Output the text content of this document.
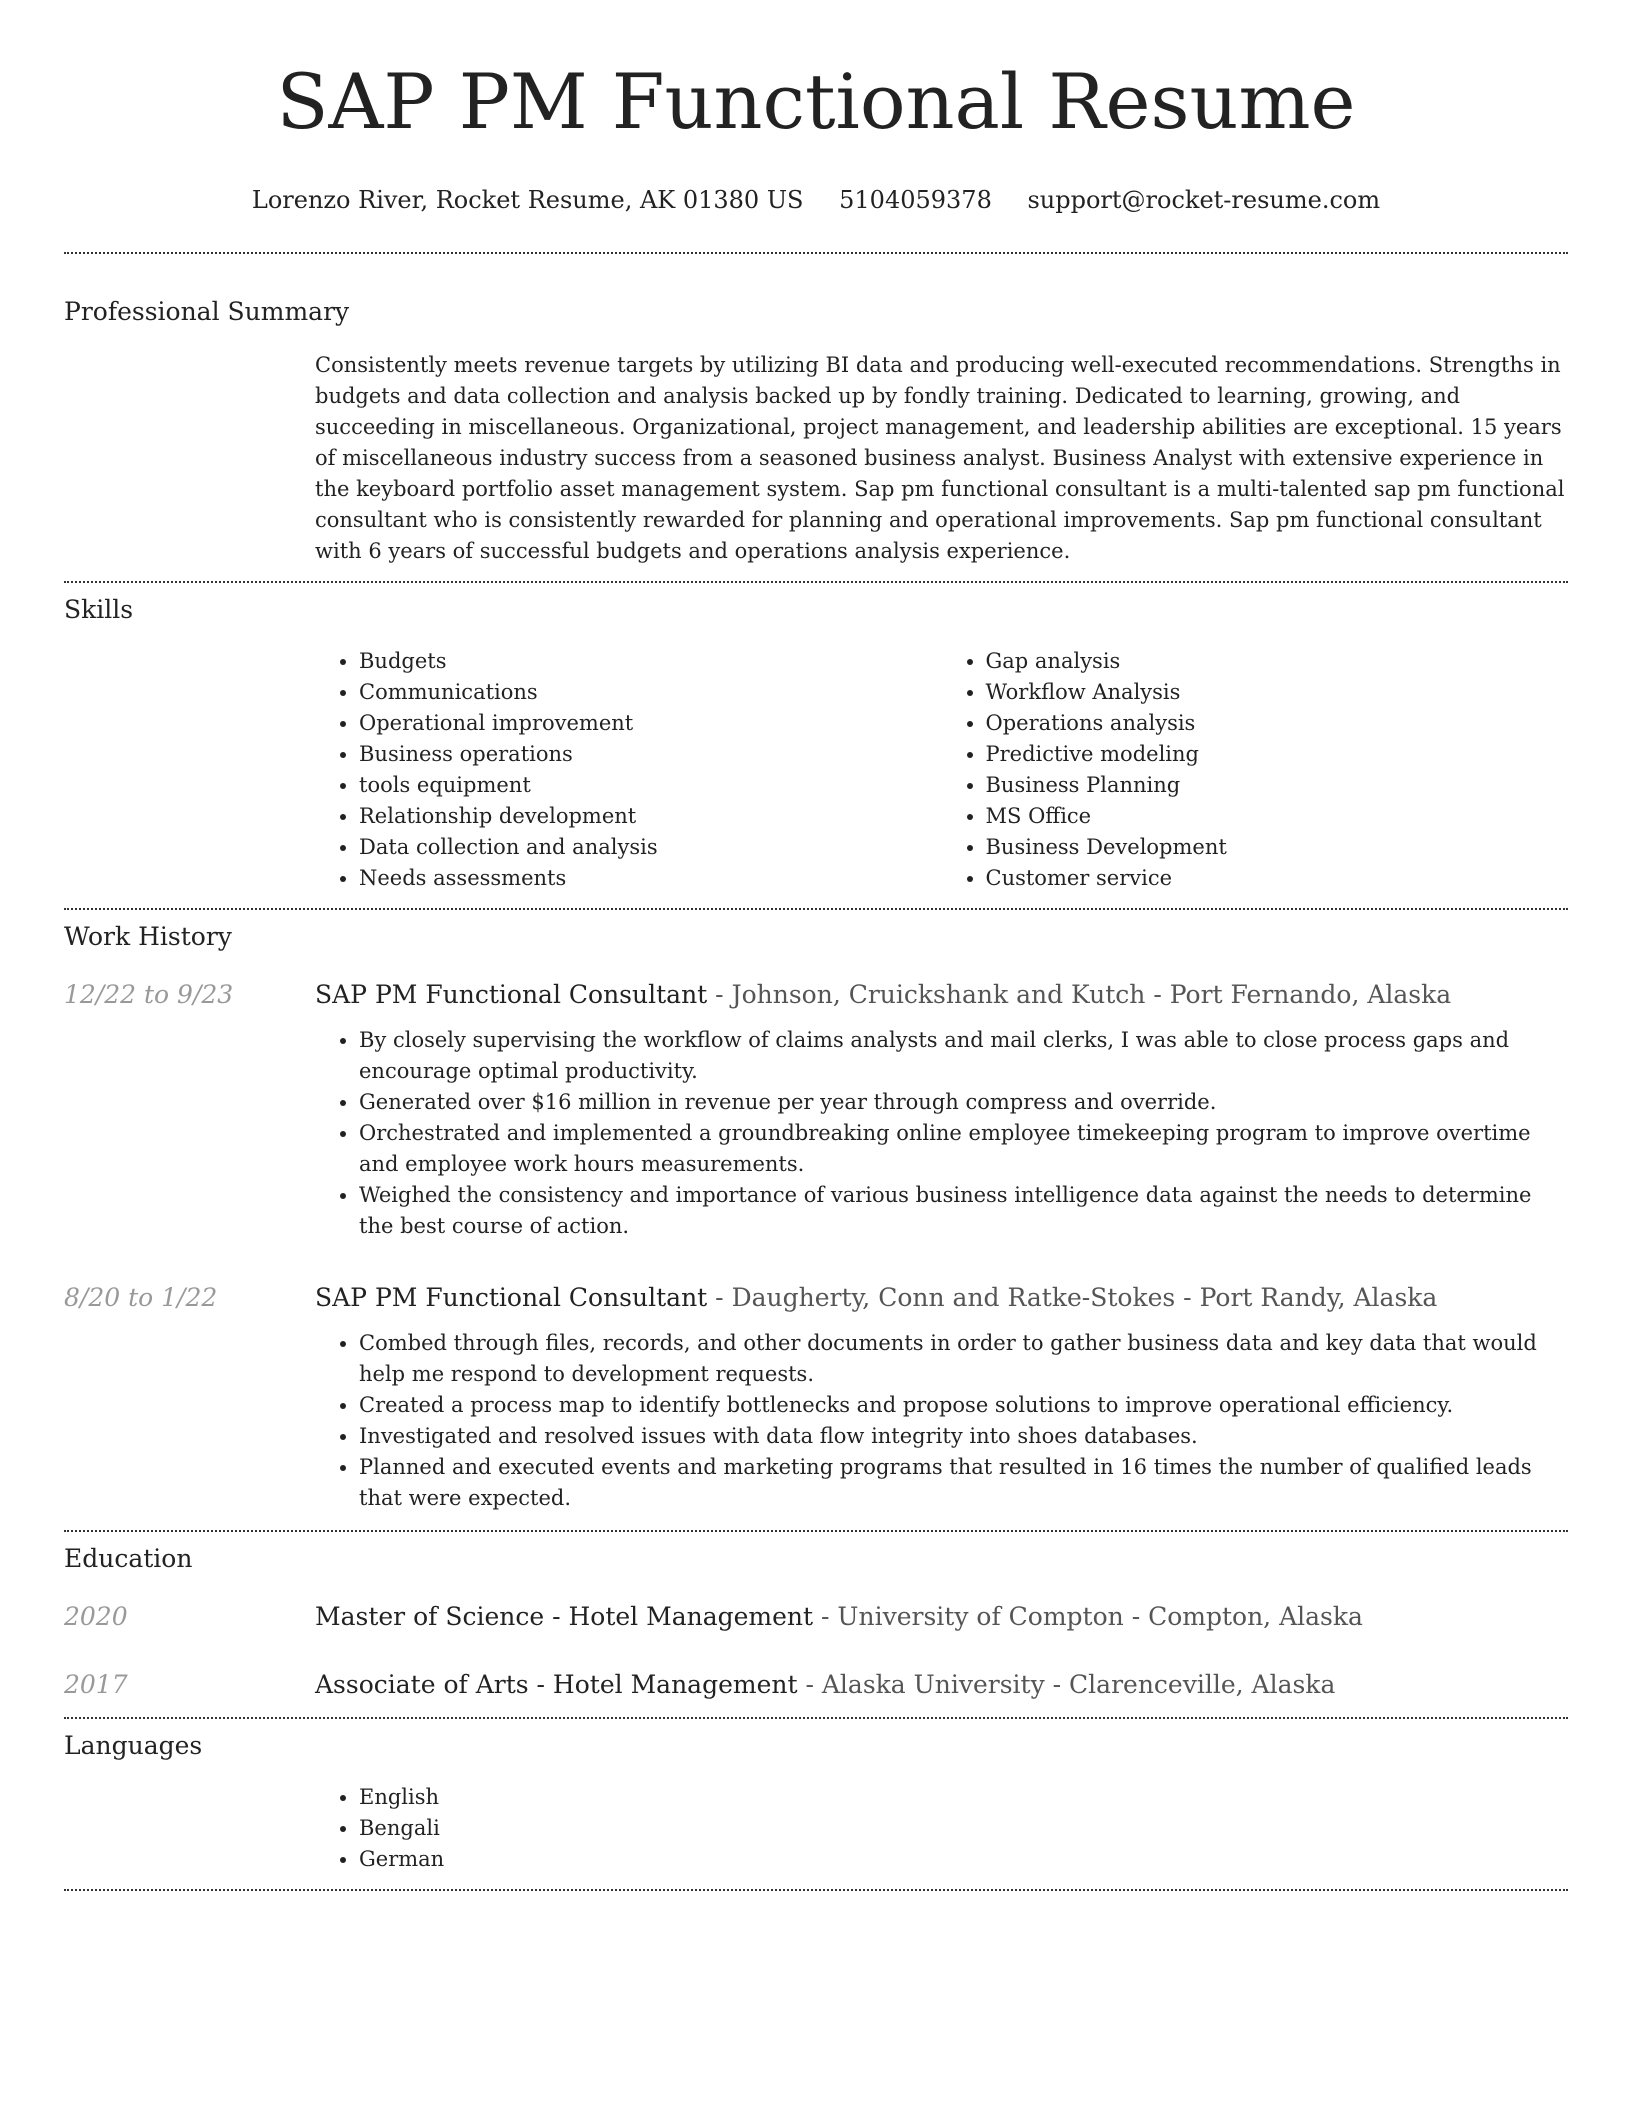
SAP PM Functional Resume
Lorenzo River, Rocket Resume, AK 01380 US 5104059378 support@rocket-resume.com
Professional Summary
Consistently meets revenue targets by utilizing BI data and producing well-executed recommendations. Strengths in budgets and data collection and analysis backed up by fondly training. Dedicated to learning, growing, and succeeding in miscellaneous. Organizational, project management, and leadership abilities are exceptional. 15 years of miscellaneous industry success from a seasoned business analyst. Business Analyst with extensive experience in the keyboard portfolio asset management system. Sap pm functional consultant is a multi-talented sap pm functional consultant who is consistently rewarded for planning and operational improvements. Sap pm functional consultant with 6 years of successful budgets and operations analysis experience.
Skills
• Budgets
• Communications
• Operational improvement
• Business operations
• tools equipment
• Relationship development
• Data collection and analysis
• Needs assessments
• Gap analysis
• Workflow Analysis
• Operations analysis
• Predictive modeling
• Business Planning
• MS Office
• Business Development
• Customer service
Work History
12/22 to 9/23	SAP PM Functional Consultant - Johnson, Cruickshank and Kutch - Port Fernando, Alaska
• By closely supervising the workflow of claims analysts and mail clerks, I was able to close process gaps and encourage optimal productivity.
• Generated over $16 million in revenue per year through compress and override.
• Orchestrated and implemented a groundbreaking online employee timekeeping program to improve overtime and employee work hours measurements.
• Weighed the consistency and importance of various business intelligence data against the needs to determine the best course of action.
8/20 to 1/22	SAP PM Functional Consultant - Daugherty, Conn and Ratke-Stokes - Port Randy, Alaska
• Combed through files, records, and other documents in order to gather business data and key data that would help me respond to development requests.
• Created a process map to identify bottlenecks and propose solutions to improve operational efficiency.
• Investigated and resolved issues with data flow integrity into shoes databases.
• Planned and executed events and marketing programs that resulted in 16 times the number of qualified leads that were expected.
Education
2020	Master of Science - Hotel Management - University of Compton - Compton, Alaska
2017	Associate of Arts - Hotel Management - Alaska University - Clarenceville, Alaska
Languages
• English
• Bengali
• German
